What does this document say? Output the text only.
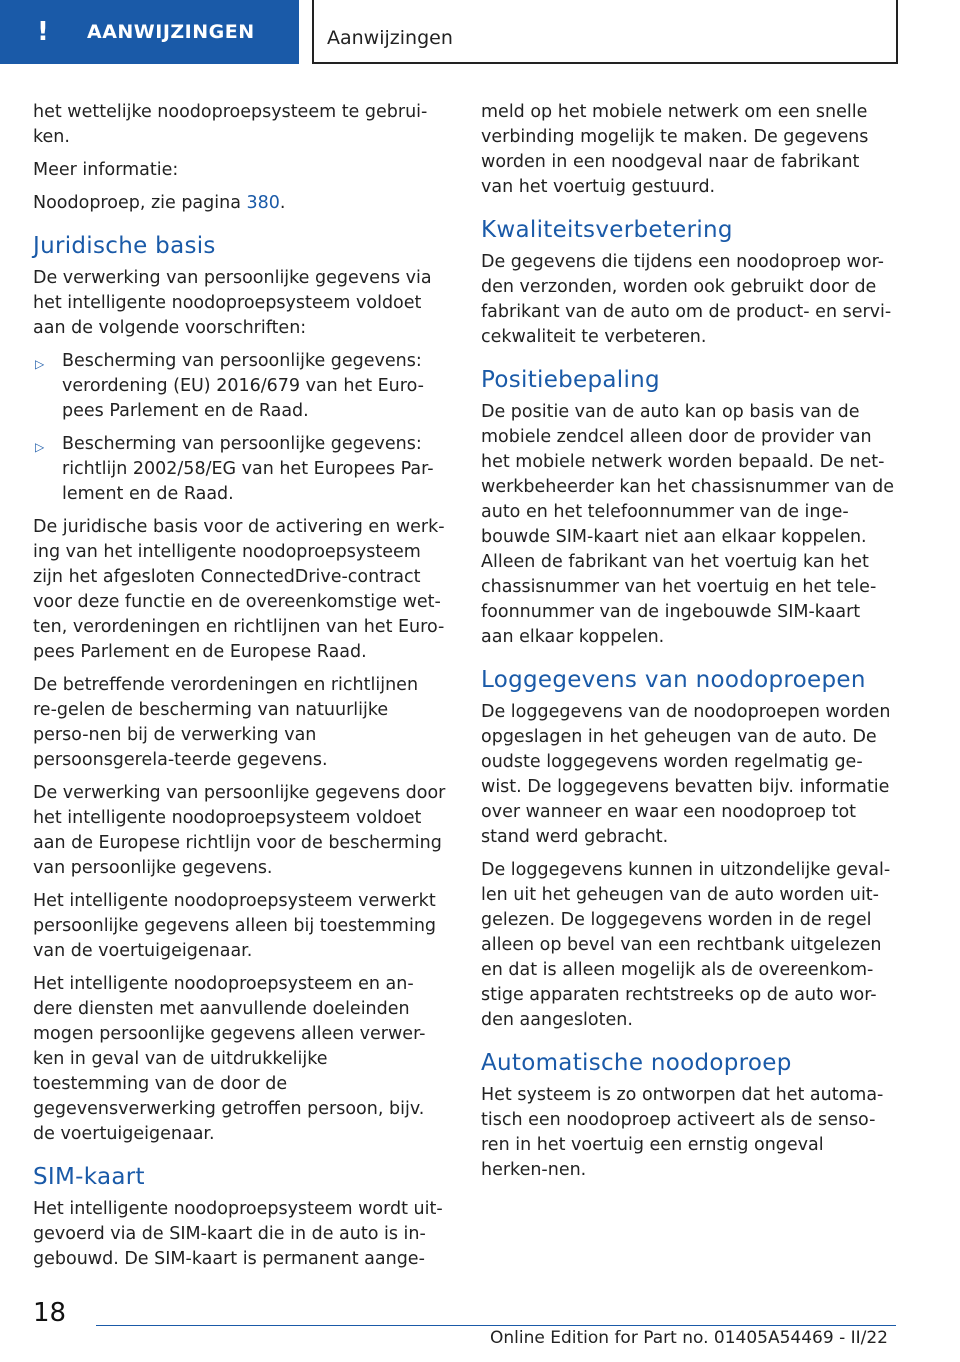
!	AANWIJZINGEN	Aanwijzingen

het wettelijke noodoproepsysteem te gebrui-ken.

Meer informatie:

Noodoproep, zie pagina 380.

Juridische basis

De verwerking van persoonlijke gegevens via het intelligente noodoproepsysteem voldoet aan de volgende voorschriften:

▷ Bescherming van persoonlijke gegevens: verordening (EU) 2016/679 van het Euro-pees Parlement en de Raad.
▷ Bescherming van persoonlijke gegevens: richtlijn 2002/58/EG van het Europees Par-lement en de Raad.

De juridische basis voor de activering en werk-ing van het intelligente noodoproepsysteem zijn het afgesloten ConnectedDrive-contract voor deze functie en de overeenkomstige wet-ten, verordeningen en richtlijnen van het Euro-pees Parlement en de Europese Raad.

De betreffende verordeningen en richtlijnen re-gelen de bescherming van natuurlijke perso-nen bij de verwerking van persoonsgerela-teerde gegevens.

De verwerking van persoonlijke gegevens door het intelligente noodoproepsysteem voldoet aan de Europese richtlijn voor de bescherming van persoonlijke gegevens.

Het intelligente noodoproepsysteem verwerkt persoonlijke gegevens alleen bij toestemming van de voertuigeigenaar.

Het intelligente noodoproepsysteem en an-dere diensten met aanvullende doeleinden mogen persoonlijke gegevens alleen verwer-ken in geval van de uitdrukkelijke toestemming van de door de gegevensverwerking getroffen persoon, bijv. de voertuigeigenaar.

SIM-kaart

Het intelligente noodoproepsysteem wordt uit-gevoerd via de SIM-kaart die in de auto is in-gebouwd. De SIM-kaart is permanent aange-

meld op het mobiele netwerk om een snelle verbinding mogelijk te maken. De gegevens worden in een noodgeval naar de fabrikant van het voertuig gestuurd.

Kwaliteitsverbetering

De gegevens die tijdens een noodoproep wor-den verzonden, worden ook gebruikt door de fabrikant van de auto om de product- en servi-cekwaliteit te verbeteren.

Positiebepaling

De positie van de auto kan op basis van de mobiele zendcel alleen door de provider van het mobiele netwerk worden bepaald. De net-werkbeheerder kan het chassisnummer van de auto en het telefoonnummer van de inge-bouwde SIM-kaart niet aan elkaar koppelen. Alleen de fabrikant van het voertuig kan het chassisnummer van het voertuig en het tele-foonnummer van de ingebouwde SIM-kaart aan elkaar koppelen.

Loggegevens van noodoproepen

De loggegevens van de noodoproepen worden opgeslagen in het geheugen van de auto. De oudste loggegevens worden regelmatig ge-wist. De loggegevens bevatten bijv. informatie over wanneer en waar een noodoproep tot stand werd gebracht.

De loggegevens kunnen in uitzondelijke geval-len uit het geheugen van de auto worden uit-gelezen. De loggegevens worden in de regel alleen op bevel van een rechtbank uitgelezen en dat is alleen mogelijk als de overeenkom-stige apparaten rechtstreeks op de auto wor-den aangesloten.

Automatische noodoproep

Het systeem is zo ontworpen dat het automa-tisch een noodoproep activeert als de senso-ren in het voertuig een ernstig ongeval herken-nen.

18
Online Edition for Part no. 01405A54469 - II/22
